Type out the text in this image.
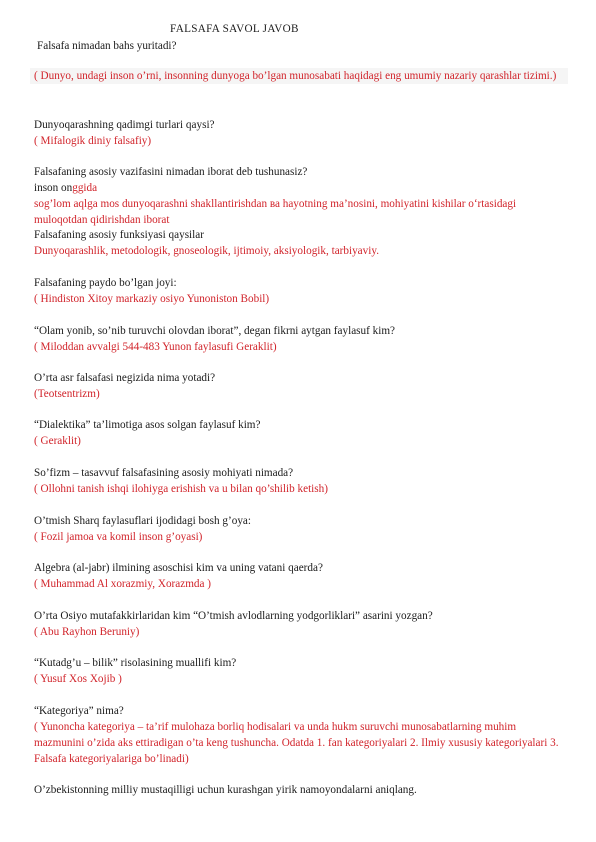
FALSAFA SAVOL JAVOB
Falsafa nimadan bahs yuritadi?
( Dunyo, undagi inson o’rni, insonning dunyoga bo’lgan munosabati haqidagi eng umumiy nazariy qarashlar tizimi.)
Dunyoqarashning qadimgi turlari qaysi?
( Mifalogik diniy falsafiy)
Falsafaning asosiy vazifasini nimadan iborat deb tushunasiz?
inson onggida
sog’lom aqlga mos dunyoqarashni shakllantirishdan ва hayotning ma’nosini, mohiyatini kishilar o‘rtasidagi muloqotdan qidirishdan iborat
Falsafaning asosiy funksiyasi qaysilar
Dunyoqarashlik, metodologik, gnoseologik, ijtimoiy, aksiyologik, tarbiyaviy.
Falsafaning paydo bo’lgan joyi:
( Hindiston Xitoy markaziy osiyo Yunoniston Bobil)
“Olam yonib, so’nib turuvchi olovdan iborat”, degan fikrni aytgan faylasuf kim?
( Miloddan avvalgi 544-483 Yunon faylasufi Geraklit)
O’rta asr falsafasi negizida nima yotadi?
(Teotsentrizm)
“Dialektika” ta’limotiga asos solgan faylasuf kim?
( Geraklit)
So’fizm – tasavvuf falsafasining asosiy mohiyati nimada?
( Ollohni tanish ishqi ilohiyga erishish va u bilan qo’shilib ketish)
O’tmish Sharq faylasuflari ijodidagi bosh g’oya:
( Fozil jamoa va komil inson g’oyasi)
Algebra (al-jabr) ilmining asoschisi kim va uning vatani qaerda?
( Muhammad Al xorazmiy, Xorazmda )
O’rta Osiyo mutafakkirlaridan kim “O’tmish avlodlarning yodgorliklari” asarini yozgan?
( Abu Rayhon Beruniy)
“Kutadg’u – bilik” risolasining muallifi kim?
( Yusuf Xos Xojib )
“Kategoriya” nima?
( Yunoncha kategoriya – ta’rif mulohaza borliq hodisalari va unda hukm suruvchi munosabatlarning muhim mazmunini o’zida aks ettiradigan o’ta keng tushuncha. Odatda 1. fan kategoriyalari 2. Ilmiy xususiy kategoriyalari 3. Falsafa kategoriyalariga bo’linadi)
O’zbekistonning milliy mustaqilligi uchun kurashgan yirik namoyondalarni aniqlang.
